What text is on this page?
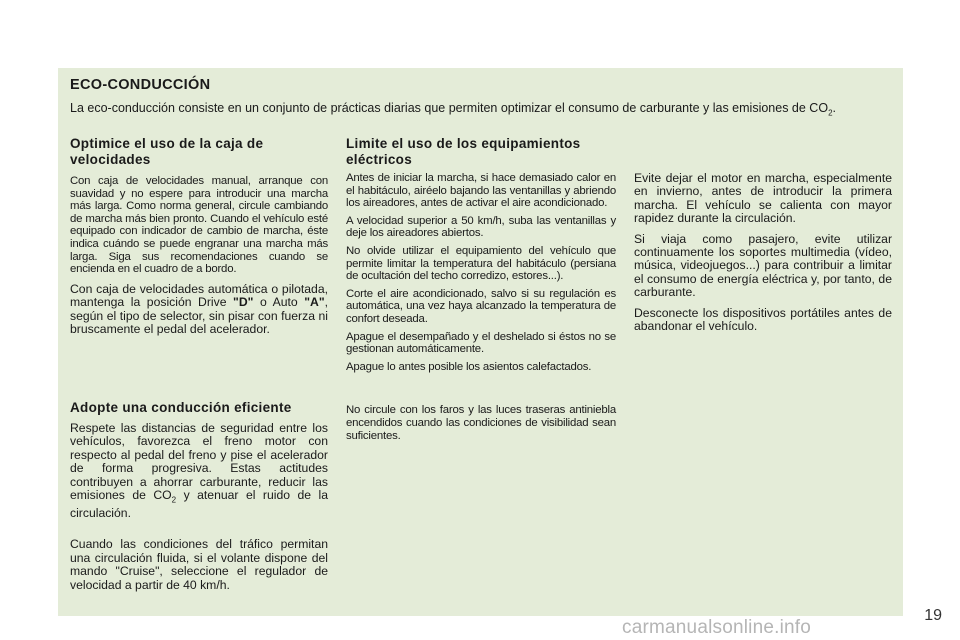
ECO-CONDUCCIÓN
La eco-conducción consiste en un conjunto de prácticas diarias que permiten optimizar el consumo de carburante y las emisiones de $CO_2$.
Optimice el uso de la caja de velocidades

Con caja de velocidades manual, arranque con suavidad y no espere para introducir una marcha más larga. Como norma general, circule cambiando de marcha más bien pronto. Cuando el vehículo esté equipado con indicador de cambio de marcha, éste indica cuándo se puede engranar una marcha más larga. Siga sus recomendaciones cuando se encienda en el cuadro de a bordo.

Con caja de velocidades automática o pilotada, mantenga la posición Drive "D" o Auto "A", según el tipo de selector, sin pisar con fuerza ni bruscamente el pedal del acelerador.

Adopte una conducción eficiente

Respete las distancias de seguridad entre los vehículos, favorezca el freno motor con respecto al pedal del freno y pise el acelerador de forma progresiva. Estas actitudes contribuyen a ahorrar carburante, reducir las emisiones de $CO_2$ y atenuar el ruido de la circulación.

Cuando las condiciones del tráfico permitan una circulación fluida, si el volante dispone del mando "Cruise", seleccione el regulador de velocidad a partir de 40 km/h.

Limite el uso de los equipamientos eléctricos

Antes de iniciar la marcha, si hace demasiado calor en el habitáculo, airéelo bajando las ventanillas y abriendo los aireadores, antes de activar el aire acondicionado.

A velocidad superior a 50 km/h, suba las ventanillas y deje los aireadores abiertos.

No olvide utilizar el equipamiento del vehículo que permite limitar la temperatura del habitáculo (persiana de ocultación del techo corredizo, estores...).

Corte el aire acondicionado, salvo si su regulación es automática, una vez haya alcanzado la temperatura de confort deseada.

Apague el desempañado y el deshelado si éstos no se gestionan automáticamente.

Apague lo antes posible los asientos calefactados.

No circule con los faros y las luces traseras antiniebla encendidos cuando las condiciones de visibilidad sean suficientes.

Evite dejar el motor en marcha, especialmente en invierno, antes de introducir la primera marcha. El vehículo se calienta con mayor rapidez durante la circulación.

Si viaja como pasajero, evite utilizar continuamente los soportes multimedia (vídeo, música, videojuegos...) para contribuir a limitar el consumo de energía eléctrica y, por tanto, de carburante.

Desconecte los dispositivos portátiles antes de abandonar el vehículo.

19
carmanualsonline.info
